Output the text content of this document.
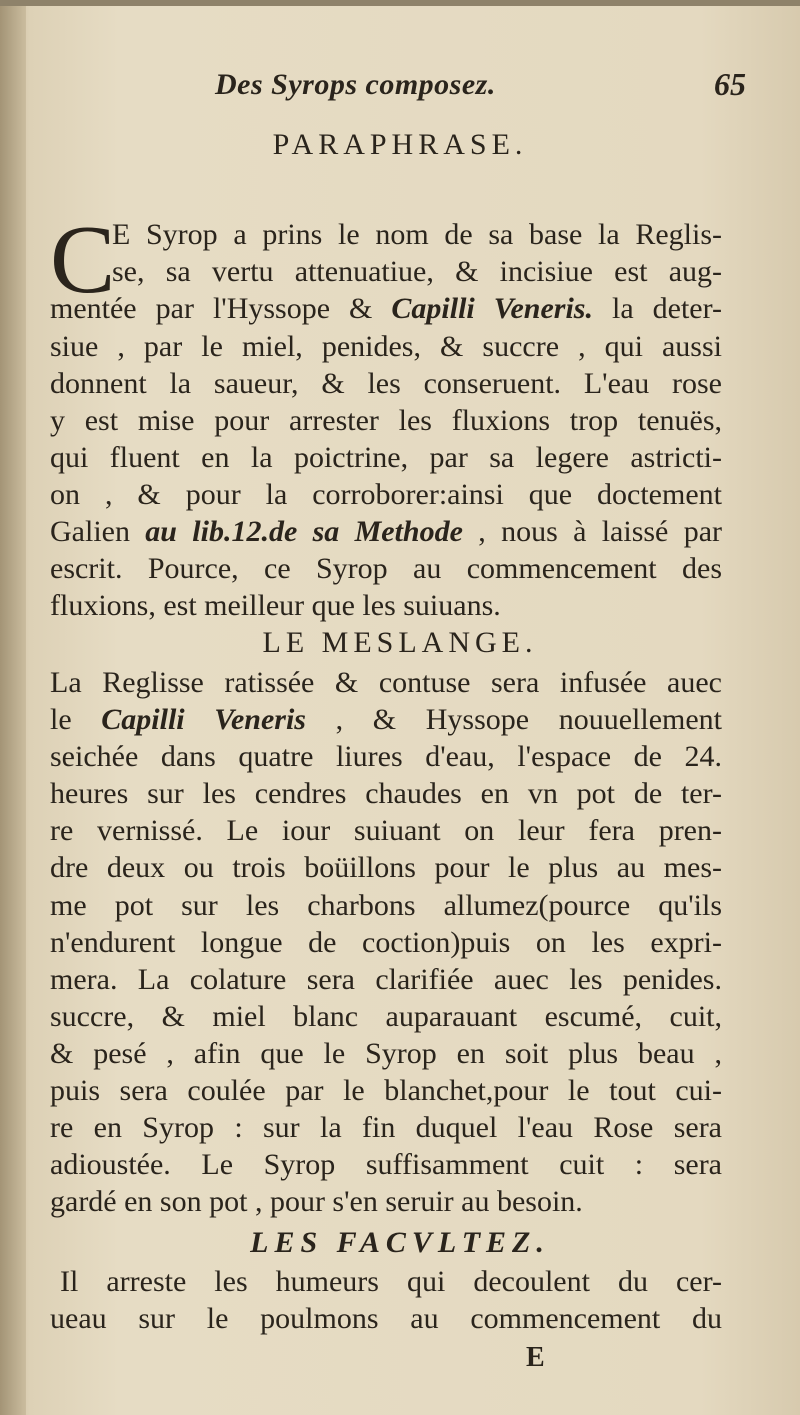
Des Syrops composez.	65
PARAPHRASE.
C
E Syrop a prins le nom de sa base la Reglis-
se, sa vertu attenuatiue, & incisiue est aug-
mentée par l'Hyssope & Capilli Veneris. la deter-
siue , par le miel, penides, & succre , qui aussi
donnent la saueur, & les conseruent. L'eau rose
y est mise pour arrester les fluxions trop tenuës,
qui fluent en la poictrine, par sa legere astricti-
on , & pour la corroborer:ainsi que doctement
Galien au lib.12.de sa Methode , nous à laissé par
escrit. Pource, ce Syrop au commencement des
fluxions, est meilleur que les suiuans.
LE MESLANGE.
La Reglisse ratissée & contuse sera infusée auec
le Capilli Veneris , & Hyssope nouuellement
seichée dans quatre liures d'eau, l'espace de 24.
heures sur les cendres chaudes en vn pot de ter-
re vernissé. Le iour suiuant on leur fera pren-
dre deux ou trois boüillons pour le plus au mes-
me pot sur les charbons allumez(pource qu'ils
n'endurent longue de coction)puis on les expri-
mera. La colature sera clarifiée auec les penides.
succre, & miel blanc auparauant escumé, cuit,
& pesé , afin que le Syrop en soit plus beau ,
puis sera coulée par le blanchet,pour le tout cui-
re en Syrop : sur la fin duquel l'eau Rose sera
adioustée. Le Syrop suffisamment cuit : sera
gardé en son pot , pour s'en seruir au besoin.
LES FACVLTEZ.
Il arreste les humeurs qui decoulent du cer-
ueau sur le poulmons au commencement du
E
